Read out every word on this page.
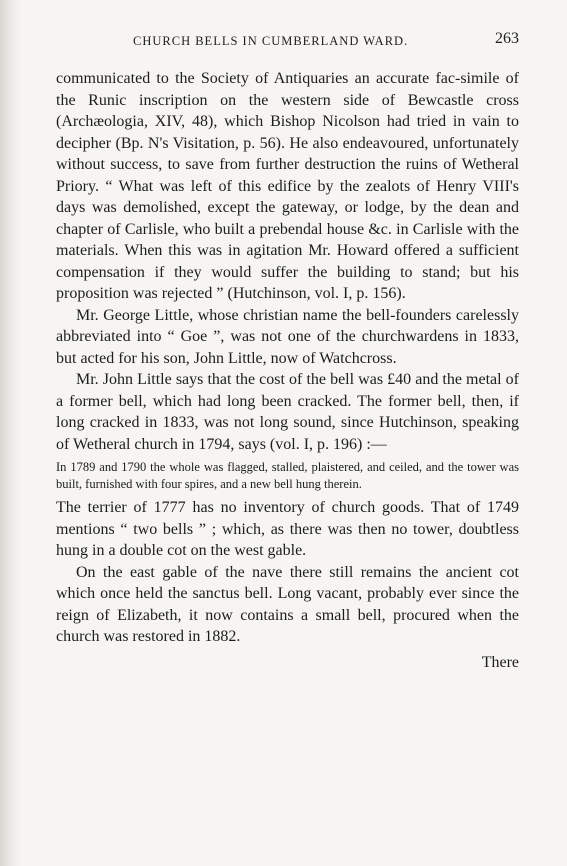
CHURCH BELLS IN CUMBERLAND WARD.	263

communicated to the Society of Antiquaries an accurate fac-simile of the Runic inscription on the western side of Bewcastle cross (Archæologia, XIV, 48), which Bishop Nicolson had tried in vain to decipher (Bp. N's Visitation, p. 56). He also endeavoured, unfortunately without success, to save from further destruction the ruins of Wetheral Priory. “ What was left of this edifice by the zealots of Henry VIII's days was demolished, except the gateway, or lodge, by the dean and chapter of Carlisle, who built a prebendal house &c. in Carlisle with the materials. When this was in agitation Mr. Howard offered a sufficient compensation if they would suffer the building to stand; but his proposition was rejected ” (Hutchinson, vol. I, p. 156).

Mr. George Little, whose christian name the bell-founders carelessly abbreviated into “ Goe ”, was not one of the churchwardens in 1833, but acted for his son, John Little, now of Watchcross.

Mr. John Little says that the cost of the bell was £40 and the metal of a former bell, which had long been cracked. The former bell, then, if long cracked in 1833, was not long sound, since Hutchinson, speaking of Wetheral church in 1794, says (vol. I, p. 196) :—

In 1789 and 1790 the whole was flagged, stalled, plaistered, and ceiled, and the tower was built, furnished with four spires, and a new bell hung therein.

The terrier of 1777 has no inventory of church goods. That of 1749 mentions “ two bells ” ; which, as there was then no tower, doubtless hung in a double cot on the west gable.

On the east gable of the nave there still remains the ancient cot which once held the sanctus bell. Long vacant, probably ever since the reign of Elizabeth, it now contains a small bell, procured when the church was restored in 1882.

There
